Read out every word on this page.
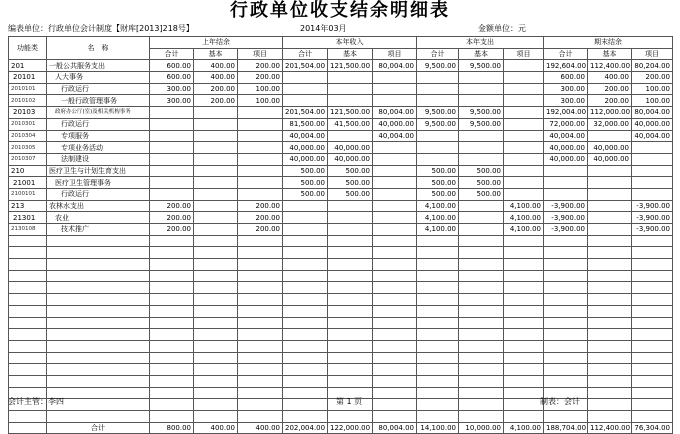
行政单位收支结余明细表
编表单位：行政单位会计制度【财库[2013]218号】	2014年03月	金额单位：元
功能类	名　称	上年结余			本年收入			本年支出			期末结余		
		合计	基本	项目	合计	基本	项目	合计	基本	项目	合计	基本	项目
201	一般公共服务支出	600.00	400.00	200.00	201,504.00	121,500.00	80,004.00	9,500.00	9,500.00		192,604.00	112,400.00	80,204.00
20101	人大事务	600.00	400.00	200.00							600.00	400.00	200.00
2010101	行政运行	300.00	200.00	100.00							300.00	200.00	100.00
2010102	一般行政管理事务	300.00	200.00	100.00							300.00	200.00	100.00
20103	政府办公厅(室)及相关机构事务				201,504.00	121,500.00	80,004.00	9,500.00	9,500.00		192,004.00	112,000.00	80,004.00
2010301	行政运行				81,500.00	41,500.00	40,000.00	9,500.00	9,500.00		72,000.00	32,000.00	40,000.00
2010304	专项服务				40,004.00		40,004.00				40,004.00		40,004.00
2010305	专项业务活动				40,000.00	40,000.00					40,000.00	40,000.00	
2010307	法制建设				40,000.00	40,000.00					40,000.00	40,000.00	
210	医疗卫生与计划生育支出				500.00	500.00		500.00	500.00				
21001	医疗卫生管理事务				500.00	500.00		500.00	500.00				
2100101	行政运行				500.00	500.00		500.00	500.00				
213	农林水支出	200.00		200.00				4,100.00		4,100.00	-3,900.00		-3,900.00
21301	农业	200.00		200.00				4,100.00		4,100.00	-3,900.00		-3,900.00
2130108	技术推广	200.00		200.00				4,100.00		4,100.00	-3,900.00		-3,900.00

	合计	800.00	400.00	400.00	202,004.00	122,000.00	80,004.00	14,100.00	10,000.00	4,100.00	188,704.00	112,400.00	76,304.00
会计主管：李四	第 1 页	制表：会计
